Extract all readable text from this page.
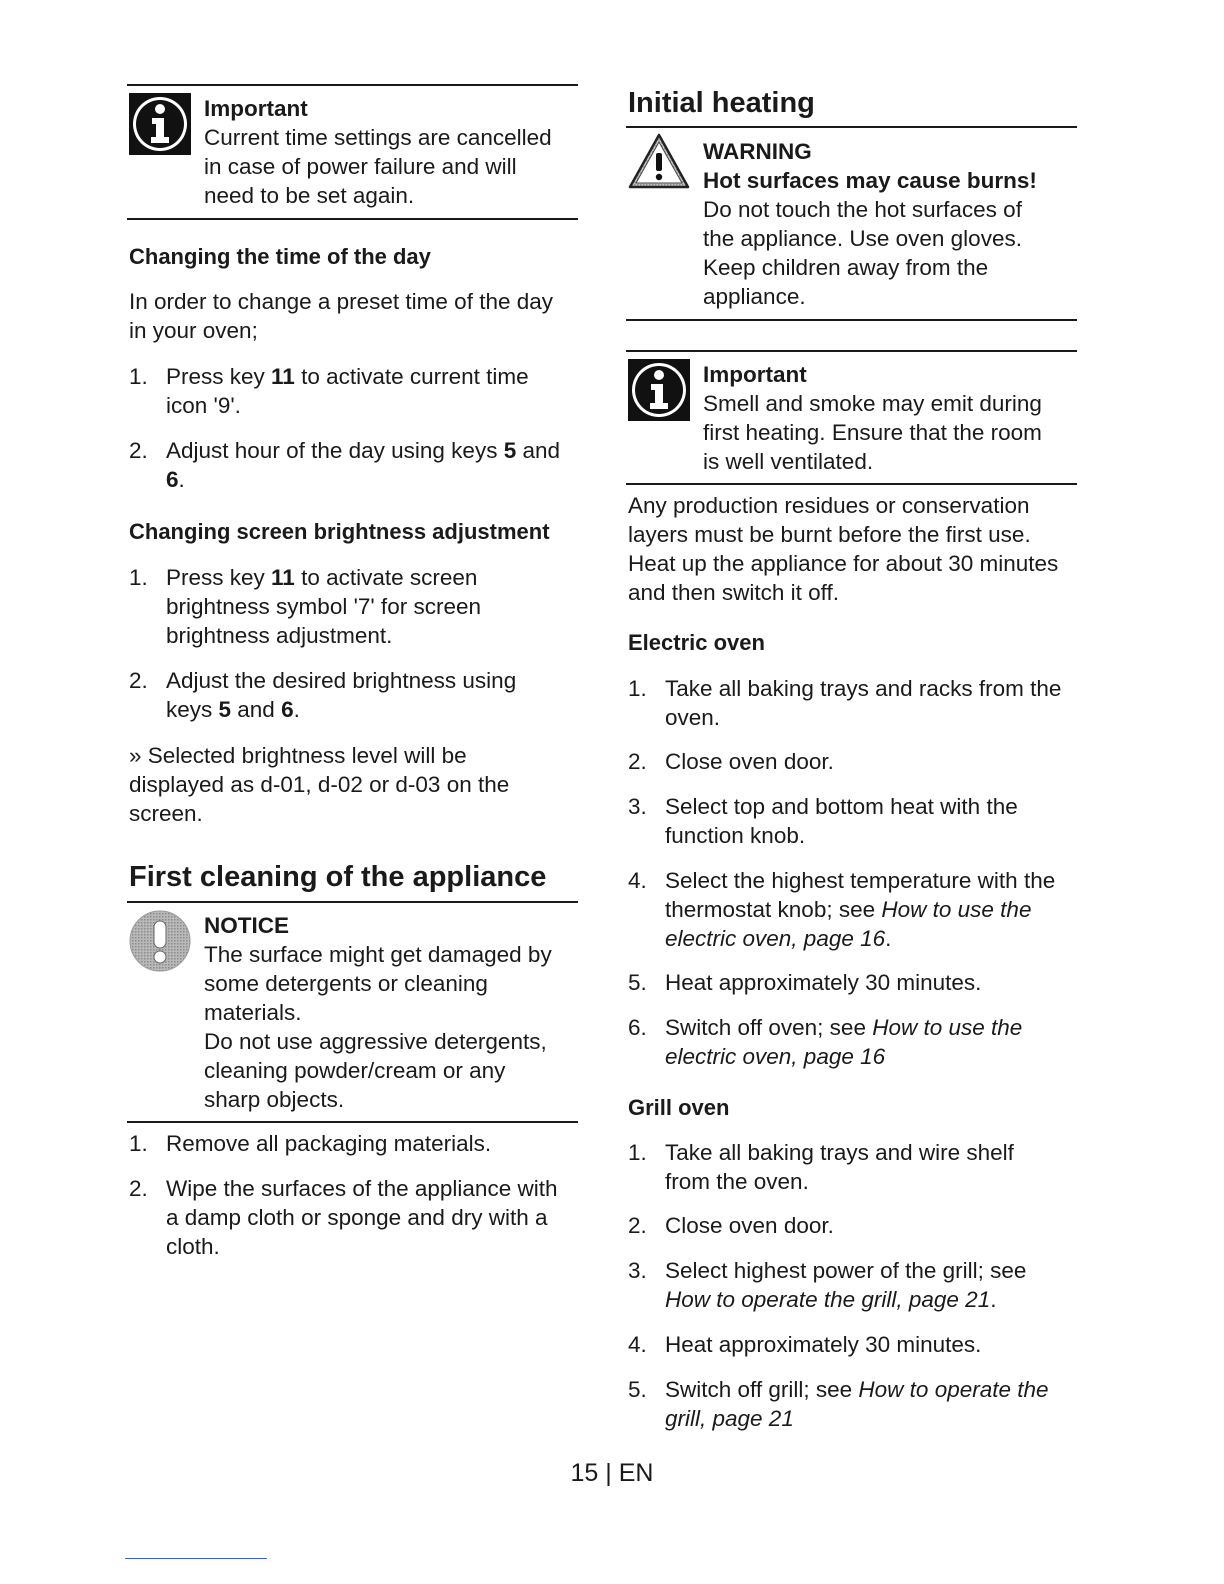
Important

Current time settings are cancelled

in case of power failure and will

need to be set again.

Changing the time of the day

In order to change a preset time of the day

in your oven;

1. Press key 11 to activate current time

icon '9'.

2. Adjust hour of the day using keys 5 and

6.

Changing screen brightness adjustment

1. Press key 11 to activate screen

brightness symbol '7' for screen

brightness adjustment.

2. Adjust the desired brightness using

keys 5 and 6.

» Selected brightness level will be

displayed as d-01, d-02 or d-03 on the

screen.

First cleaning of the appliance

NOTICE

The surface might get damaged by

some detergents or cleaning

materials.

Do not use aggressive detergents,

cleaning powder/cream or any

sharp objects.

1. Remove all packaging materials.

2. Wipe the surfaces of the appliance with

a damp cloth or sponge and dry with a

cloth.

Initial heating

WARNING

Hot surfaces may cause burns!

Do not touch the hot surfaces of

the appliance. Use oven gloves.

Keep children away from the

appliance.

Important

Smell and smoke may emit during

first heating. Ensure that the room

is well ventilated.

Any production residues or conservation

layers must be burnt before the first use.

Heat up the appliance for about 30 minutes

and then switch it off.

Electric oven

1. Take all baking trays and racks from the

oven.

2. Close oven door.

3. Select top and bottom heat with the

function knob.

4. Select the highest temperature with the

thermostat knob; see How to use the

electric oven, page 16.

5. Heat approximately 30 minutes.

6. Switch off oven; see How to use the

electric oven, page 16

Grill oven

1. Take all baking trays and wire shelf

from the oven.

2. Close oven door.

3. Select highest power of the grill; see

How to operate the grill, page 21.

4. Heat approximately 30 minutes.

5. Switch off grill; see How to operate the

grill, page 21

15 | EN
